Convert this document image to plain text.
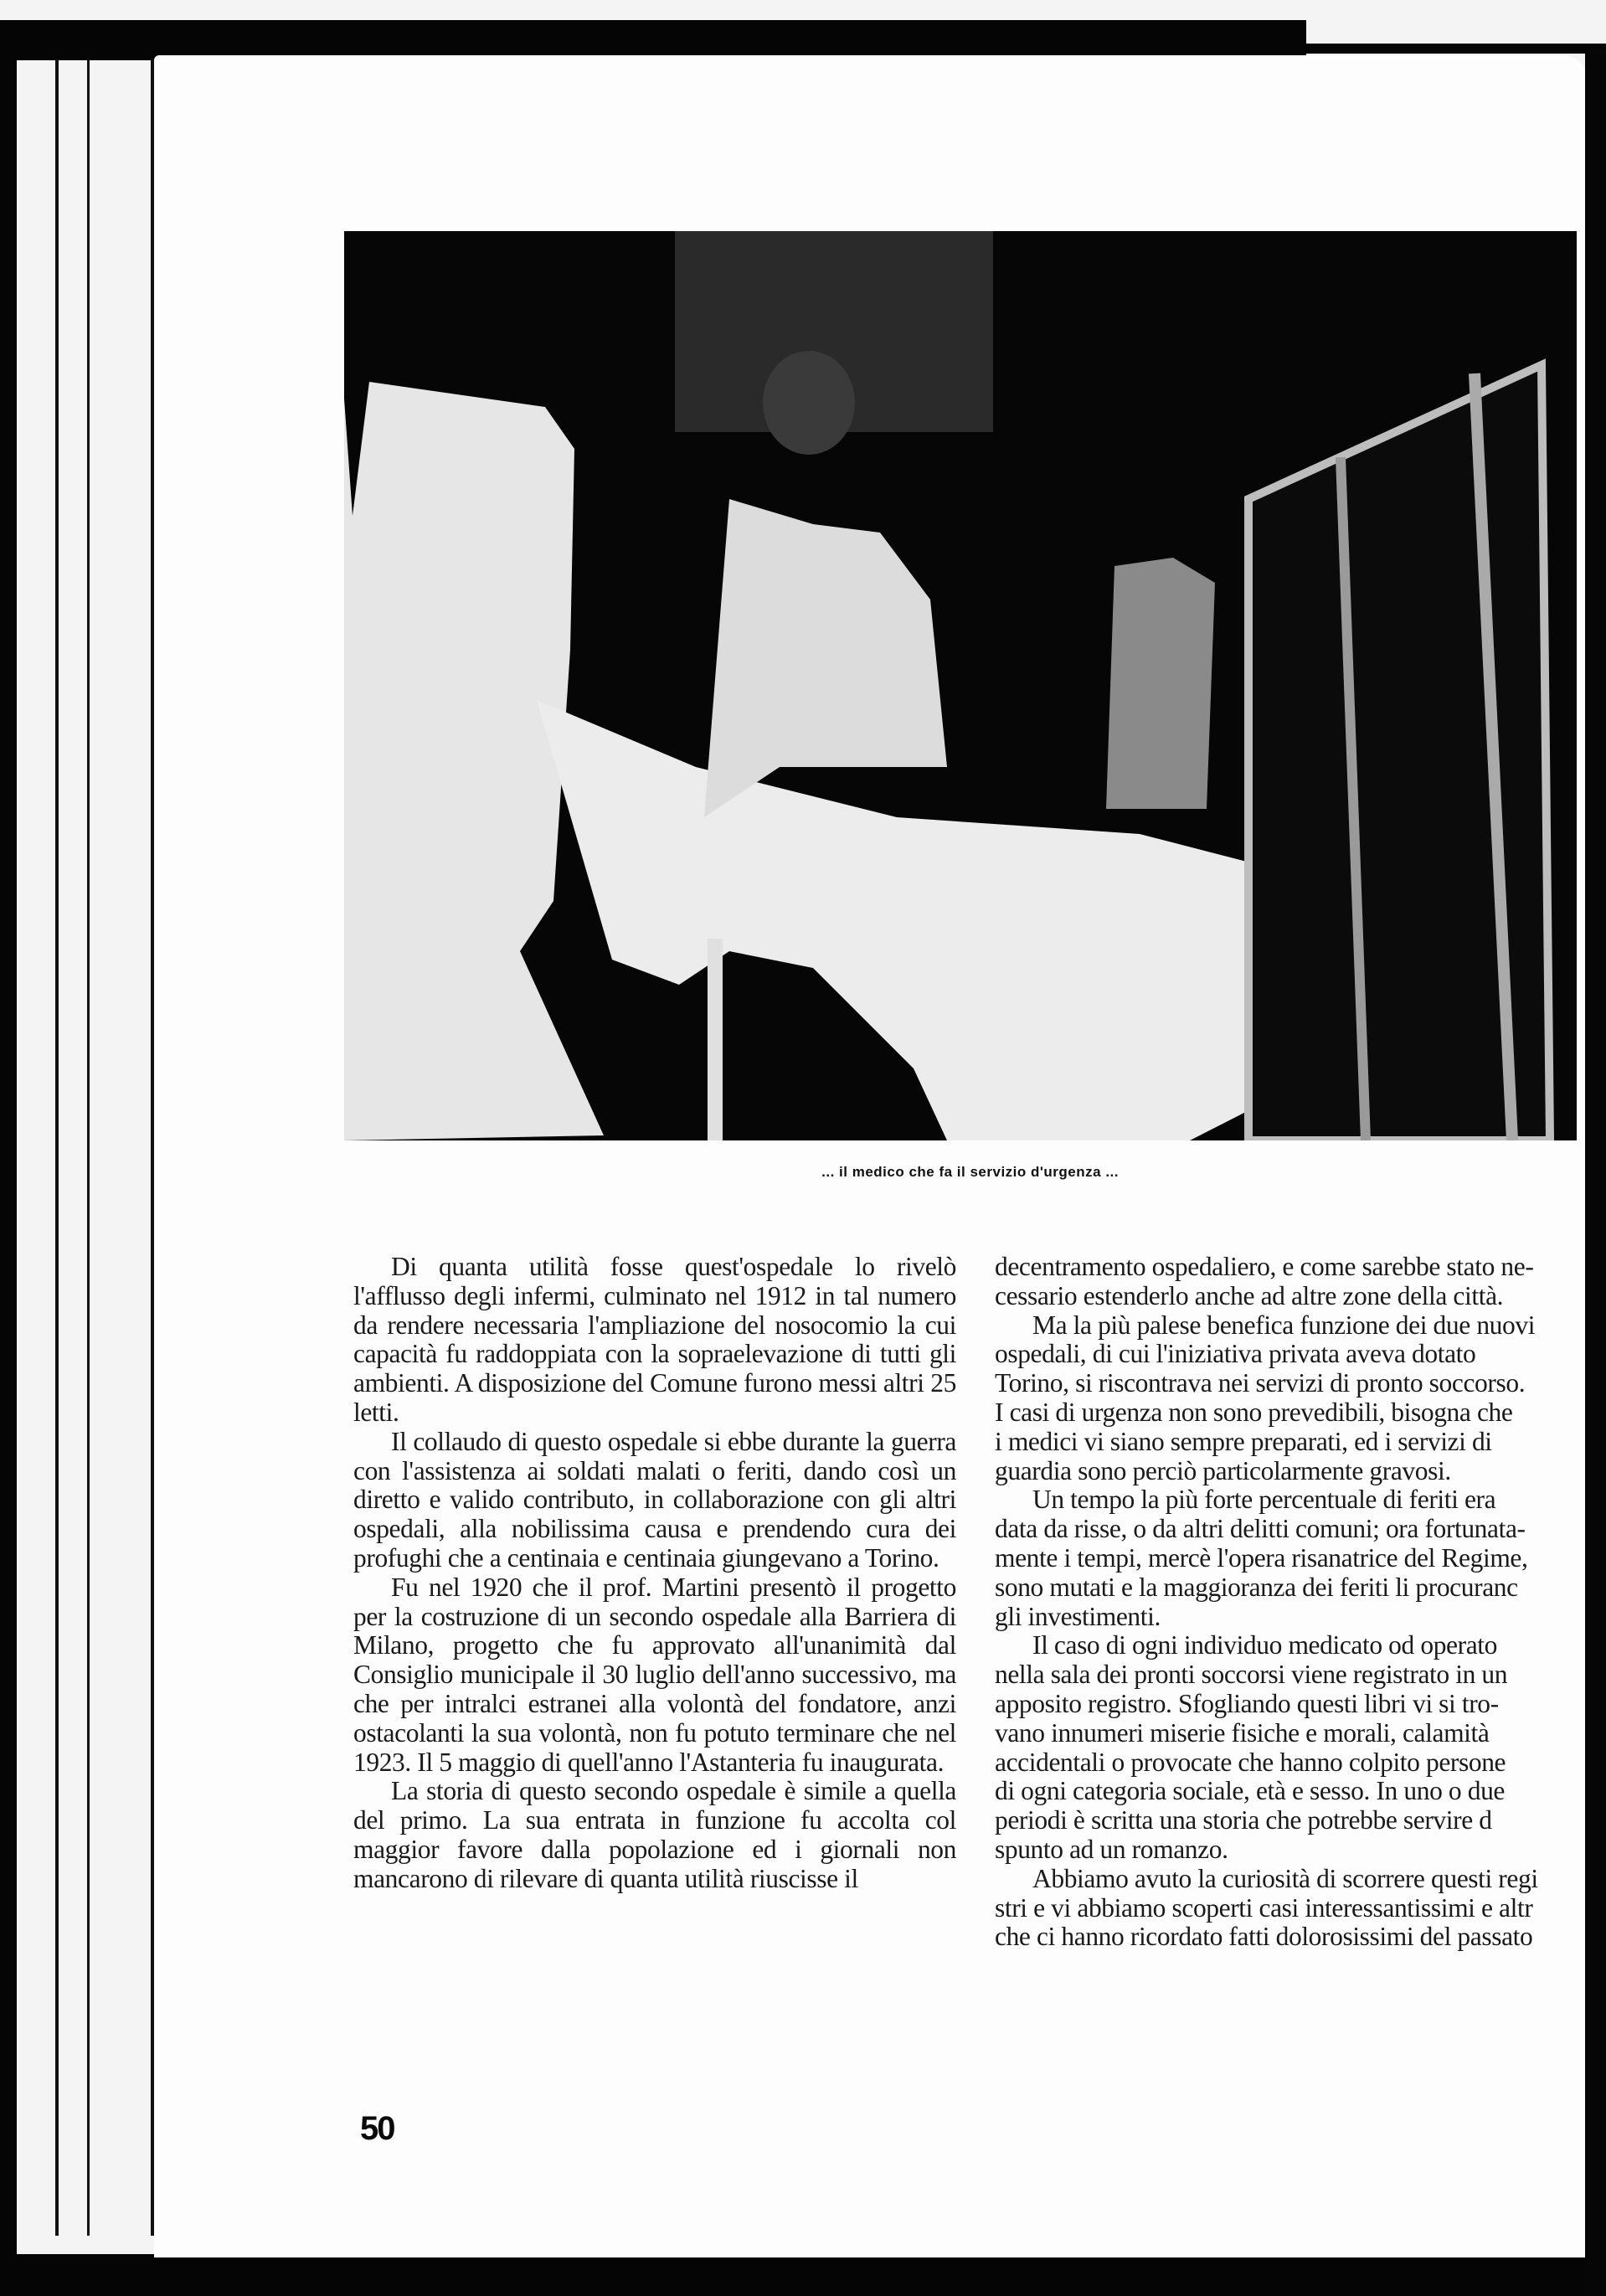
... il medico che fa il servizio d'urgenza ...

Di quanta utilità fosse quest'ospedale lo rivelò l'afflusso degli infermi, culminato nel 1912 in tal numero da rendere necessaria l'ampliazione del nosocomio la cui capacità fu raddoppiata con la sopraelevazione di tutti gli ambienti. A disposizione del Comune furono messi altri 25 letti.

Il collaudo di questo ospedale si ebbe durante la guerra con l'assistenza ai soldati malati o feriti, dando così un diretto e valido contributo, in collaborazione con gli altri ospedali, alla nobilissima causa e prendendo cura dei profughi che a centinaia e centinaia giungevano a Torino.

Fu nel 1920 che il prof. Martini presentò il progetto per la costruzione di un secondo ospedale alla Barriera di Milano, progetto che fu approvato all'unanimità dal Consiglio municipale il 30 luglio dell'anno successivo, ma che per intralci estranei alla volontà del fondatore, anzi ostacolanti la sua volontà, non fu potuto terminare che nel 1923. Il 5 maggio di quell'anno l'Astanteria fu inaugurata.

La storia di questo secondo ospedale è simile a quella del primo. La sua entrata in funzione fu accolta col maggior favore dalla popolazione ed i giornali non mancarono di rilevare di quanta utilità riuscisse il

decentramento ospedaliero, e come sarebbe stato ne-
cessario estenderlo anche ad altre zone della città.
Ma la più palese benefica funzione dei due nuovi
ospedali, di cui l'iniziativa privata aveva dotato
Torino, si riscontrava nei servizi di pronto soccorso.
I casi di urgenza non sono prevedibili, bisogna che
i medici vi siano sempre preparati, ed i servizi di
guardia sono perciò particolarmente gravosi.
Un tempo la più forte percentuale di feriti era
data da risse, o da altri delitti comuni; ora fortunata-
mente i tempi, mercè l'opera risanatrice del Regime,
sono mutati e la maggioranza dei feriti li procuranc
gli investimenti.
Il caso di ogni individuo medicato od operato
nella sala dei pronti soccorsi viene registrato in un
apposito registro. Sfogliando questi libri vi si tro-
vano innumeri miserie fisiche e morali, calamità
accidentali o provocate che hanno colpito persone
di ogni categoria sociale, età e sesso. In uno o due
periodi è scritta una storia che potrebbe servire d
spunto ad un romanzo.
Abbiamo avuto la curiosità di scorrere questi regi
stri e vi abbiamo scoperti casi interessantissimi e altr
che ci hanno ricordato fatti dolorosissimi del passato
50
